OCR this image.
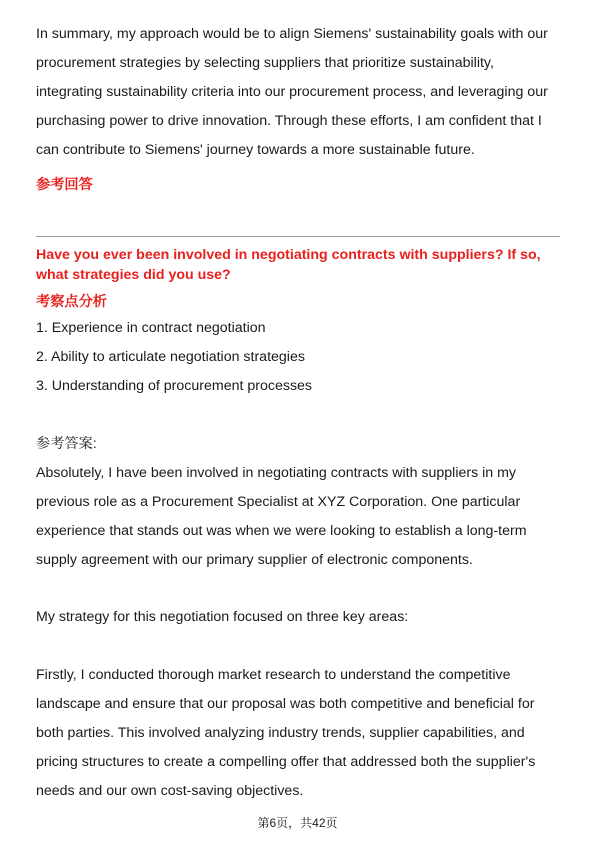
In summary, my approach would be to align Siemens' sustainability goals with our procurement strategies by selecting suppliers that prioritize sustainability, integrating sustainability criteria into our procurement process, and leveraging our purchasing power to drive innovation. Through these efforts, I am confident that I can contribute to Siemens' journey towards a more sustainable future.

参考回答

Have you ever been involved in negotiating contracts with suppliers? If so, what strategies did you use?

考察点分析

1. Experience in contract negotiation

2. Ability to articulate negotiation strategies

3. Understanding of procurement processes

参考答案:

Absolutely, I have been involved in negotiating contracts with suppliers in my previous role as a Procurement Specialist at XYZ Corporation. One particular experience that stands out was when we were looking to establish a long-term supply agreement with our primary supplier of electronic components.

My strategy for this negotiation focused on three key areas:

Firstly, I conducted thorough market research to understand the competitive landscape and ensure that our proposal was both competitive and beneficial for both parties. This involved analyzing industry trends, supplier capabilities, and pricing structures to create a compelling offer that addressed both the supplier's needs and our own cost-saving objectives.

第6页，共42页
